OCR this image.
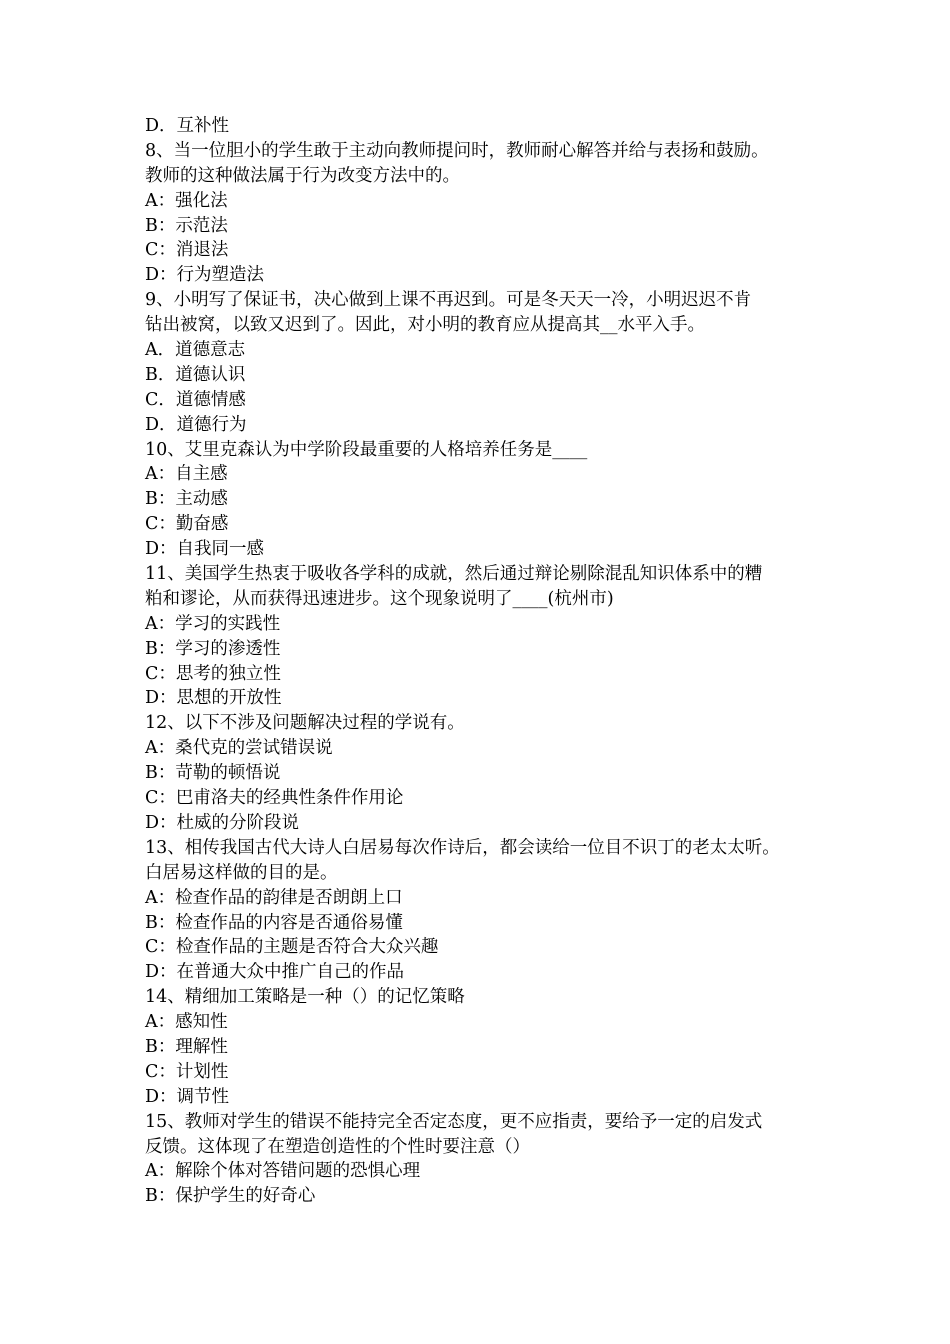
D．互补性
8、当一位胆小的学生敢于主动向教师提问时，教师耐心解答并给与表扬和鼓励。
教师的这种做法属于行为改变方法中的。
A：强化法
B：示范法
C：消退法
D：行为塑造法
9、小明写了保证书，决心做到上课不再迟到。可是冬天天一冷，小明迟迟不肯
钻出被窝，以致又迟到了。因此，对小明的教育应从提高其__水平入手。
A．道德意志
B．道德认识
C．道德情感
D．道德行为
10、艾里克森认为中学阶段最重要的人格培养任务是____
A：自主感
B：主动感
C：勤奋感
D：自我同一感
11、美国学生热衷于吸收各学科的成就，然后通过辩论剔除混乱知识体系中的糟
粕和谬论，从而获得迅速进步。这个现象说明了____(杭州市)
A：学习的实践性
B：学习的渗透性
C：思考的独立性
D：思想的开放性
12、以下不涉及问题解决过程的学说有。
A：桑代克的尝试错误说
B：苛勒的顿悟说
C：巴甫洛夫的经典性条件作用论
D：杜威的分阶段说
13、相传我国古代大诗人白居易每次作诗后，都会读给一位目不识丁的老太太听。
白居易这样做的目的是。
A：检查作品的韵律是否朗朗上口
B：检查作品的内容是否通俗易懂
C：检查作品的主题是否符合大众兴趣
D：在普通大众中推广自己的作品
14、精细加工策略是一种（）的记忆策略
A：感知性
B：理解性
C：计划性
D：调节性
15、教师对学生的错误不能持完全否定态度，更不应指责，要给予一定的启发式
反馈。这体现了在塑造创造性的个性时要注意（）
A：解除个体对答错问题的恐惧心理
B：保护学生的好奇心
